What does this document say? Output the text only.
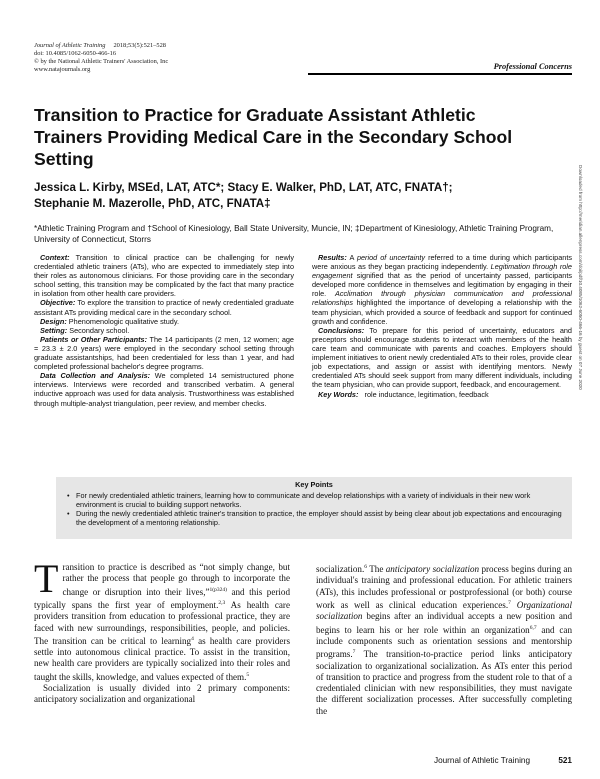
Journal of Athletic Training 2018;53(5):521–528
doi: 10.4085/1062-6050-466-16
© by the National Athletic Trainers' Association, Inc
www.natajournals.org	Professional Concerns
Transition to Practice for Graduate Assistant Athletic Trainers Providing Medical Care in the Secondary School Setting
Jessica L. Kirby, MSEd, LAT, ATC*; Stacy E. Walker, PhD, LAT, ATC, FNATA†;
Stephanie M. Mazerolle, PhD, ATC, FNATA‡
*Athletic Training Program and †School of Kinesiology, Ball State University, Muncie, IN; ‡Department of Kinesiology, Athletic Training Program, University of Connecticut, Storrs

Context: Transition to clinical practice can be challenging for newly credentialed athletic trainers (ATs), who are expected to immediately step into their roles as autonomous clinicians. For those providing care in the secondary school setting, this transition may be complicated by the fact that many practice in isolation from other health care providers.

Objective: To explore the transition to practice of newly credentialed graduate assistant ATs providing medical care in the secondary school.

Design: Phenomenologic qualitative study.

Setting: Secondary school.

Patients or Other Participants: The 14 participants (2 men, 12 women; age = 23.3 ± 2.0 years) were employed in the secondary school setting through graduate assistantships, had been credentialed for less than 1 year, and had completed professional bachelor's degree programs.

Data Collection and Analysis: We completed 14 semistructured phone interviews. Interviews were recorded and transcribed verbatim. A general inductive approach was used for data analysis. Trustworthiness was established through multiple-analyst triangulation, peer review, and member checks.

Results: A period of uncertainty referred to a time during which participants were anxious as they began practicing independently. Legitimation through role engagement signified that as the period of uncertainty passed, participants developed more confidence in themselves and legitimation by engaging in their role. Acclimation through physician communication and professional relationships highlighted the importance of developing a relationship with the team physician, which provided a source of feedback and support for continued growth and confidence.

Conclusions: To prepare for this period of uncertainty, educators and preceptors should encourage students to interact with members of the health care team and communicate with parents and coaches. Employers should implement initiatives to orient newly credentialed ATs to their roles, provide clear job expectations, and assign or assist with identifying mentors. Newly credentialed ATs should seek support from many different individuals, including the team physician, who can provide support, feedback, and encouragement.

Key Words: role inductance, legitimation, feedback

Key Points
• For newly credentialed athletic trainers, learning how to communicate and develop relationships with a variety of individuals in their new work environment is crucial to building support networks.
• During the newly credentialed athletic trainer's transition to practice, the employer should assist by being clear about job expectations and encouraging the development of a mentoring relationship.

Transition to practice is described as “not simply change, but rather the process that people go through to incorporate the change or disruption into their lives,”$^{1(p324)}$ and this period typically spans the first year of employment.$^{2,3}$ As health care providers transition from education to professional practice, they are faced with new surroundings, responsibilities, people, and policies. The transition can be critical to learning$^4$ as health care providers settle into autonomous clinical practice. To assist in the transition, new health care providers are typically socialized into their roles and taught the skills, knowledge, and values expected of them.$^5$

Socialization is usually divided into 2 primary components: anticipatory socialization and organizational

socialization.$^6$ The anticipatory socialization process begins during an individual's training and professional education. For athletic trainers (ATs), this includes professional or postprofessional (or both) course work as well as clinical education experiences.$^7$ Organizational socialization begins after an individual accepts a new position and begins to learn his or her role within an organization$^{6,7}$ and can include components such as orientation sessions and mentorship programs.$^7$ The transition-to-practice period links anticipatory socialization to organizational socialization. As ATs enter this period of transition to practice and progress from the student role to that of a credentialed clinician with new responsibilities, they must navigate the different socialization processes. After successfully completing the

Journal of Athletic Training	521
Downloaded from http://meridian.allenpress.com/doi/pdf/10.4085/1062-6050-466-16 by guest on 07 June 2020
